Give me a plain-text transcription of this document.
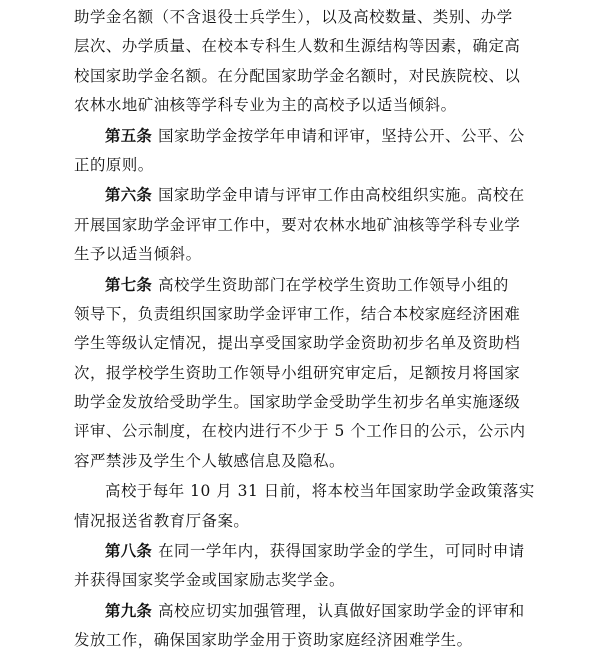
助学金名额（不含退役士兵学生），以及高校数量、类别、办学
层次、办学质量、在校本专科生人数和生源结构等因素，确定高
校国家助学金名额。在分配国家助学金名额时，对民族院校、以
农林水地矿油核等学科专业为主的高校予以适当倾斜。
第五条 国家助学金按学年申请和评审，坚持公开、公平、公
正的原则。
第六条 国家助学金申请与评审工作由高校组织实施。高校在
开展国家助学金评审工作中，要对农林水地矿油核等学科专业学
生予以适当倾斜。
第七条 高校学生资助部门在学校学生资助工作领导小组的
领导下，负责组织国家助学金评审工作，结合本校家庭经济困难
学生等级认定情况，提出享受国家助学金资助初步名单及资助档
次，报学校学生资助工作领导小组研究审定后，足额按月将国家
助学金发放给受助学生。国家助学金受助学生初步名单实施逐级
评审、公示制度，在校内进行不少于 5 个工作日的公示，公示内
容严禁涉及学生个人敏感信息及隐私。
高校于每年 10 月 31 日前，将本校当年国家助学金政策落实
情况报送省教育厅备案。
第八条 在同一学年内，获得国家助学金的学生，可同时申请
并获得国家奖学金或国家励志奖学金。
第九条 高校应切实加强管理，认真做好国家助学金的评审和
发放工作，确保国家助学金用于资助家庭经济困难学生。
